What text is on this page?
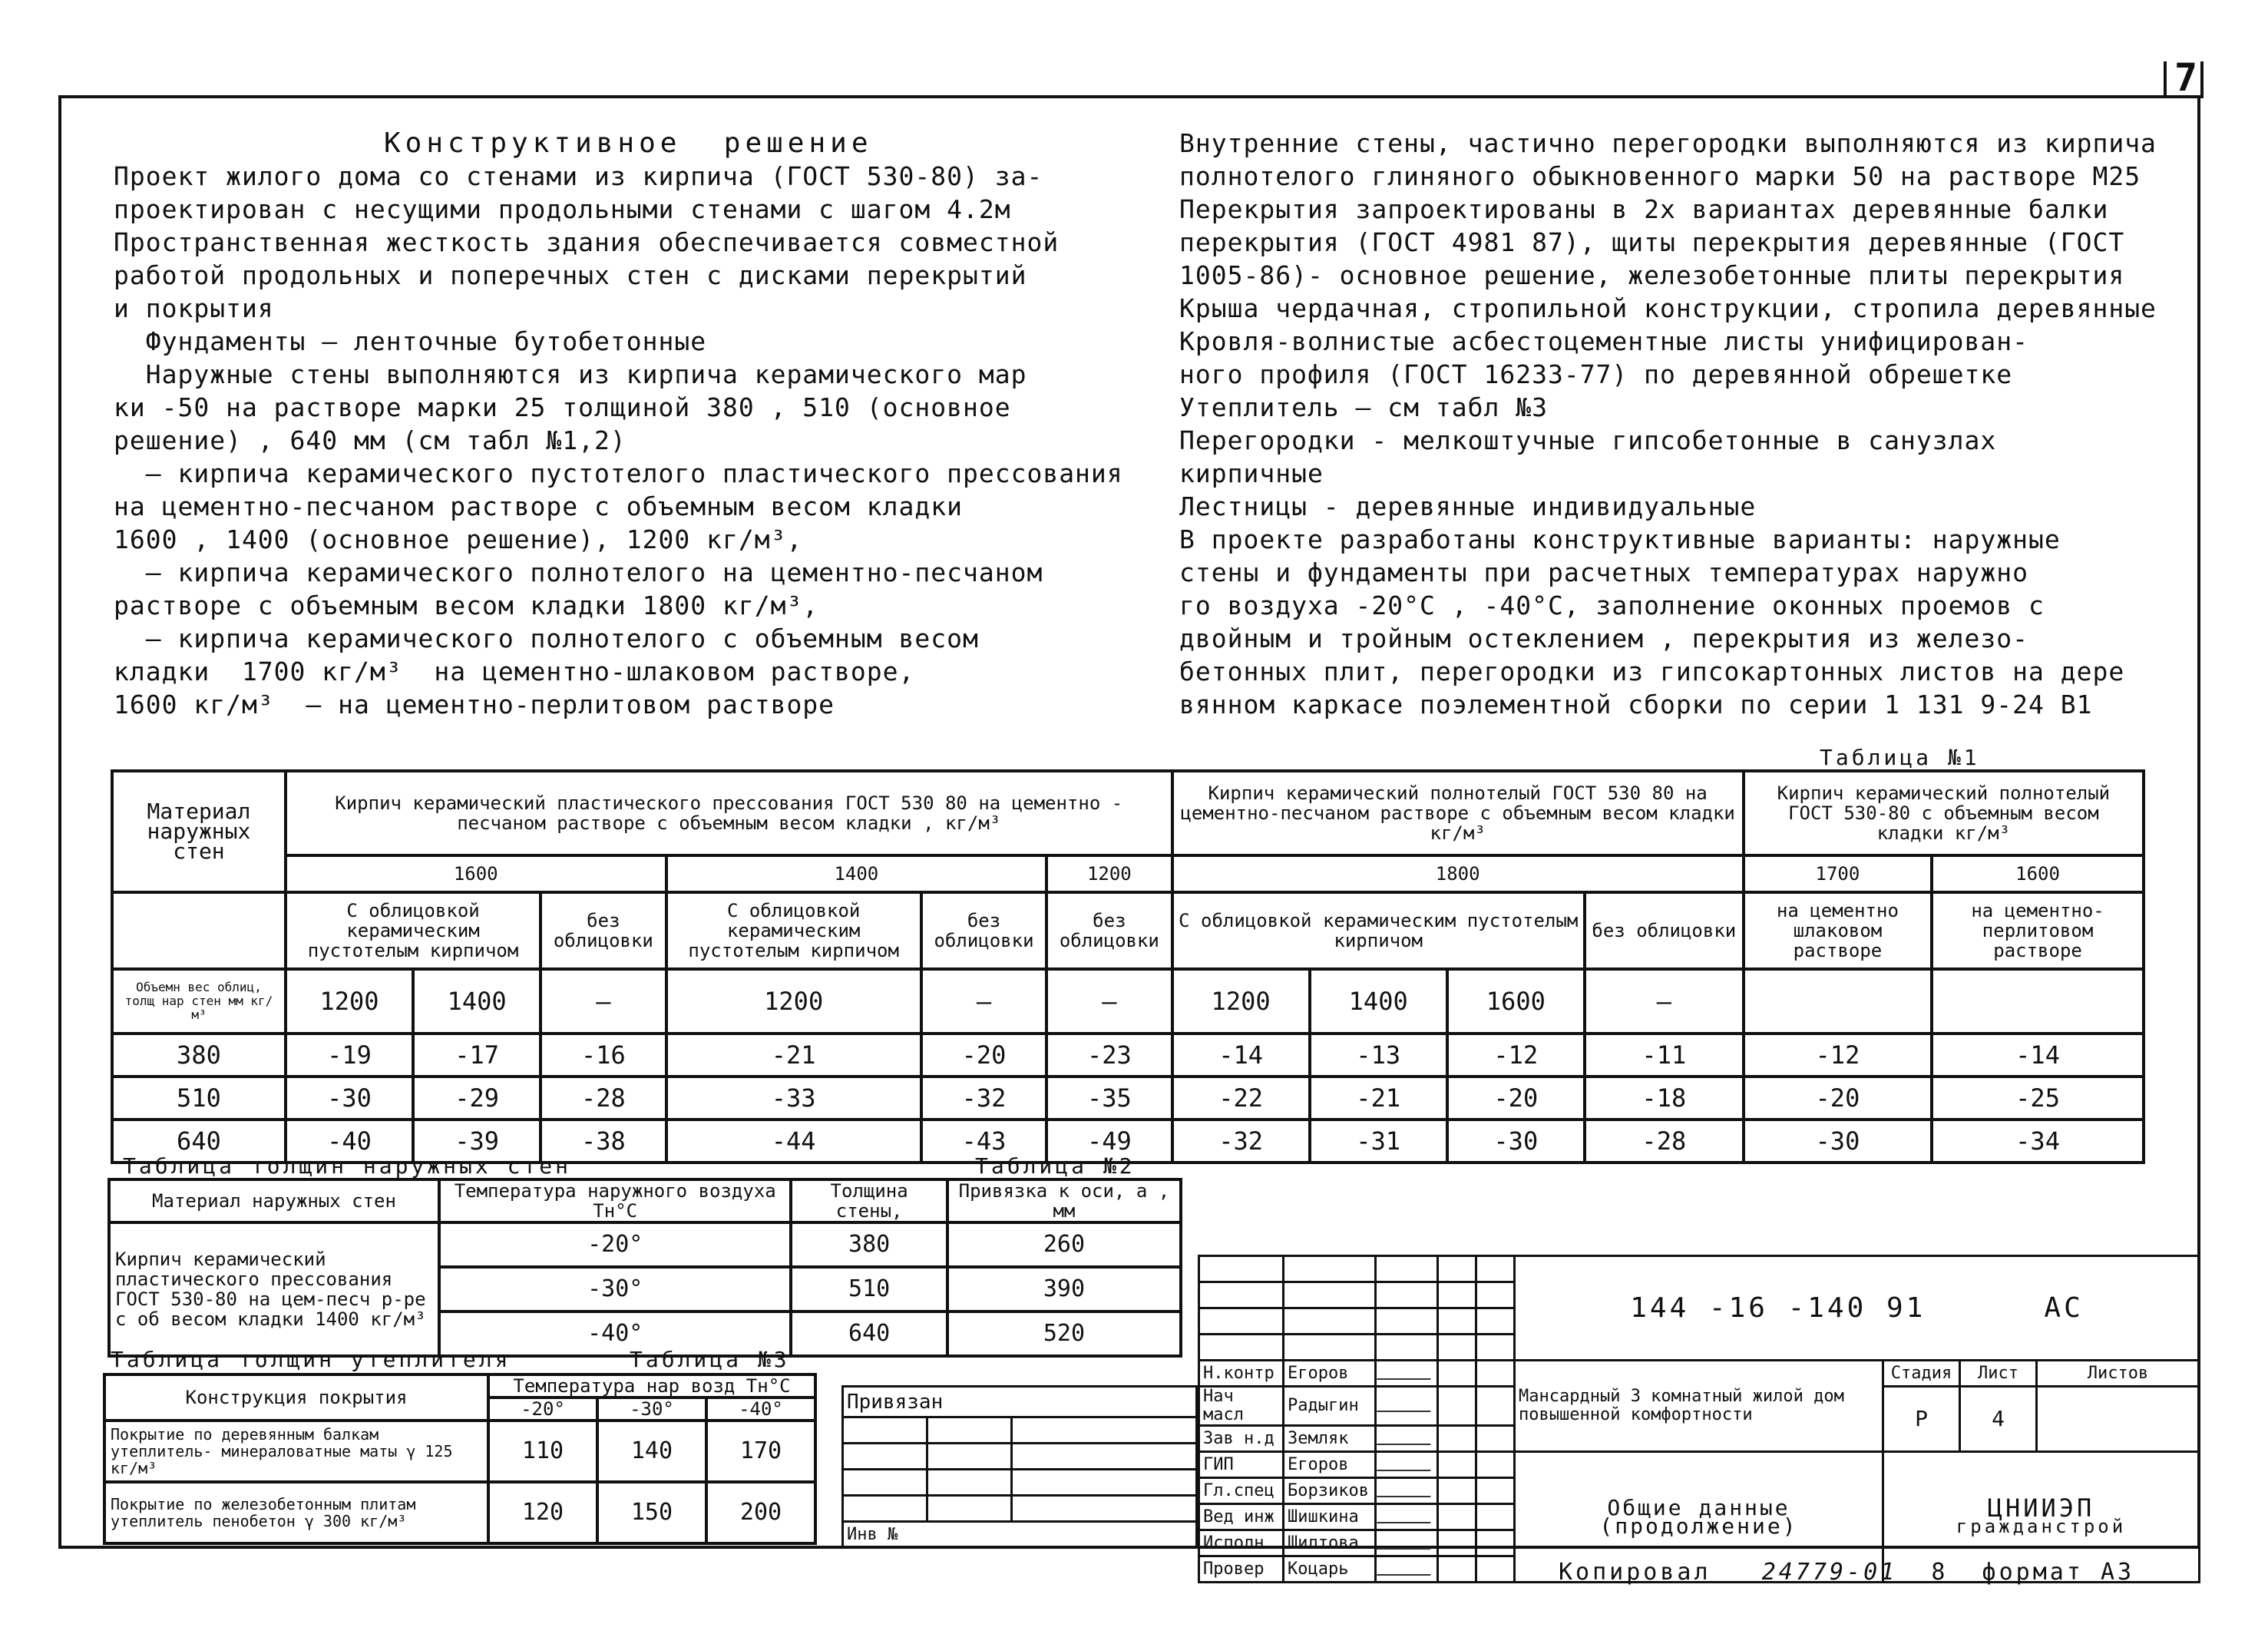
7
Конструктивное  решение
Проект жилого дома со стенами из кирпича (ГОСТ 530-80) за-
проектирован с несущими продольными стенами с шагом 4.2м
Пространственная жесткость здания обеспечивается совместной
работой продольных и поперечных стен с дисками перекрытий
и покрытия
Фундаменты — ленточные бутобетонные
Наружные стены выполняются из кирпича керамического мар
ки -50 на растворе марки 25 толщиной 380 , 510 (основное
решение) , 640 мм (см табл №1,2)
— кирпича керамического пустотелого пластического прессования
на цементно-песчаном растворе с объемным весом кладки
1600 , 1400 (основное решение), 1200 кг/м³,
— кирпича керамического полнотелого на цементно-песчаном
растворе с объемным весом кладки 1800 кг/м³,
— кирпича керамического полнотелого с объемным весом
кладки  1700 кг/м³  на цементно-шлаковом растворе,
1600 кг/м³  — на цементно-перлитовом растворе
Внутренние стены, частично перегородки выполняются из кирпича
полнотелого глиняного обыкновенного марки 50 на растворе М25
Перекрытия запроектированы в 2х вариантах деревянные балки
перекрытия (ГОСТ 4981 87), щиты перекрытия деревянные (ГОСТ
1005-86)- основное решение, железобетонные плиты перекрытия
Крыша чердачная, стропильной конструкции, стропила деревянные
Кровля-волнистые асбестоцементные листы унифицирован-
ного профиля (ГОСТ 16233-77) по деревянной обрешетке
Утеплитель — см табл №3
Перегородки - мелкоштучные гипсобетонные в санузлах
кирпичные
Лестницы - деревянные индивидуальные
В проекте разработаны конструктивные варианты: наружные
стены и фундаменты при расчетных температурах наружно
го воздуха -20°С , -40°С, заполнение оконных проемов с
двойным и тройным остеклением , перекрытия из железо-
бетонных плит, перегородки из гипсокартонных листов на дере
вянном каркасе поэлементной сборки по серии 1 131 9-24 В1
Таблица №1
Материал наружных стен	Кирпич керамический пластического прессования ГОСТ 530 80 на цементно - песчаном растворе с объемным весом кладки , кг/м³						Кирпич керамический полнотелый ГОСТ 530 80 на цементно-песчаном растворе с объемным весом кладки кг/м³				Кирпич керамический полнотелый ГОСТ 530-80 с объемным весом кладки кг/м³	
	1600			1400		1200	1800				1700	1600
	С облицовкой керамическим пустотелым кирпичом		без облицовки	С облицовкой керамическим пустотелым кирпичом	без облицовки	без облицовки	С облицовкой керамическим пустотелым кирпичом			без облицовки	на цементно шлаковом растворе	на цементно-перлитовом растворе
Объемн вес облиц, толщ нар стен мм кг/м³	1200	1400	—	1200	—	—	1200	1400	1600	—		
380	-19	-17	-16	-21	-20	-23	-14	-13	-12	-11	-12	-14
510	-30	-29	-28	-33	-32	-35	-22	-21	-20	-18	-20	-25
640	-40	-39	-38	-44	-43	-49	-32	-31	-30	-28	-30	-34
Таблица толщин наружных стен	Таблица №2
Материал наружных стен	Температура наружного воздуха Тн°С	Толщина стены,	Привязка к оси, а , мм
Кирпич керамический пластического прессования ГОСТ 530-80 на цем-песч р-ре с об весом кладки 1400 кг/м³	-20°	380	260
	-30°	510	390
	-40°	640	520
Таблица толщин утеплителя	Таблица №3
Конструкция покрытия	Температура нар возд Тн°С		
	-20°	-30°	-40°
Покрытие по деревянным балкам утеплитель- минераловатные маты γ 125 кг/м³	110	140	170
Покрытие по железобетонным плитам утеплитель пенобетон γ 300 кг/м³	120	150	200
Привязан		

Инв №		
					144 -16 -140 91 АС			

Н.контр	Егоров				Мансардный 3 комнатный жилой дом повышенной комфортности	Стадия	Лист	Листов
Нач масл	Радыгин					Р	4	
Зав н.д	Земляк							
ГИП	Егоров				Общие данные (продолжение)	ЦНИИЭП
гражданстрой		

Гл.спец	Борзиков							
Вед инж	Шишкина							
Исполн	Шилтова							
Провер	Коцарь								Копировал 24779-01 8  формат А3
